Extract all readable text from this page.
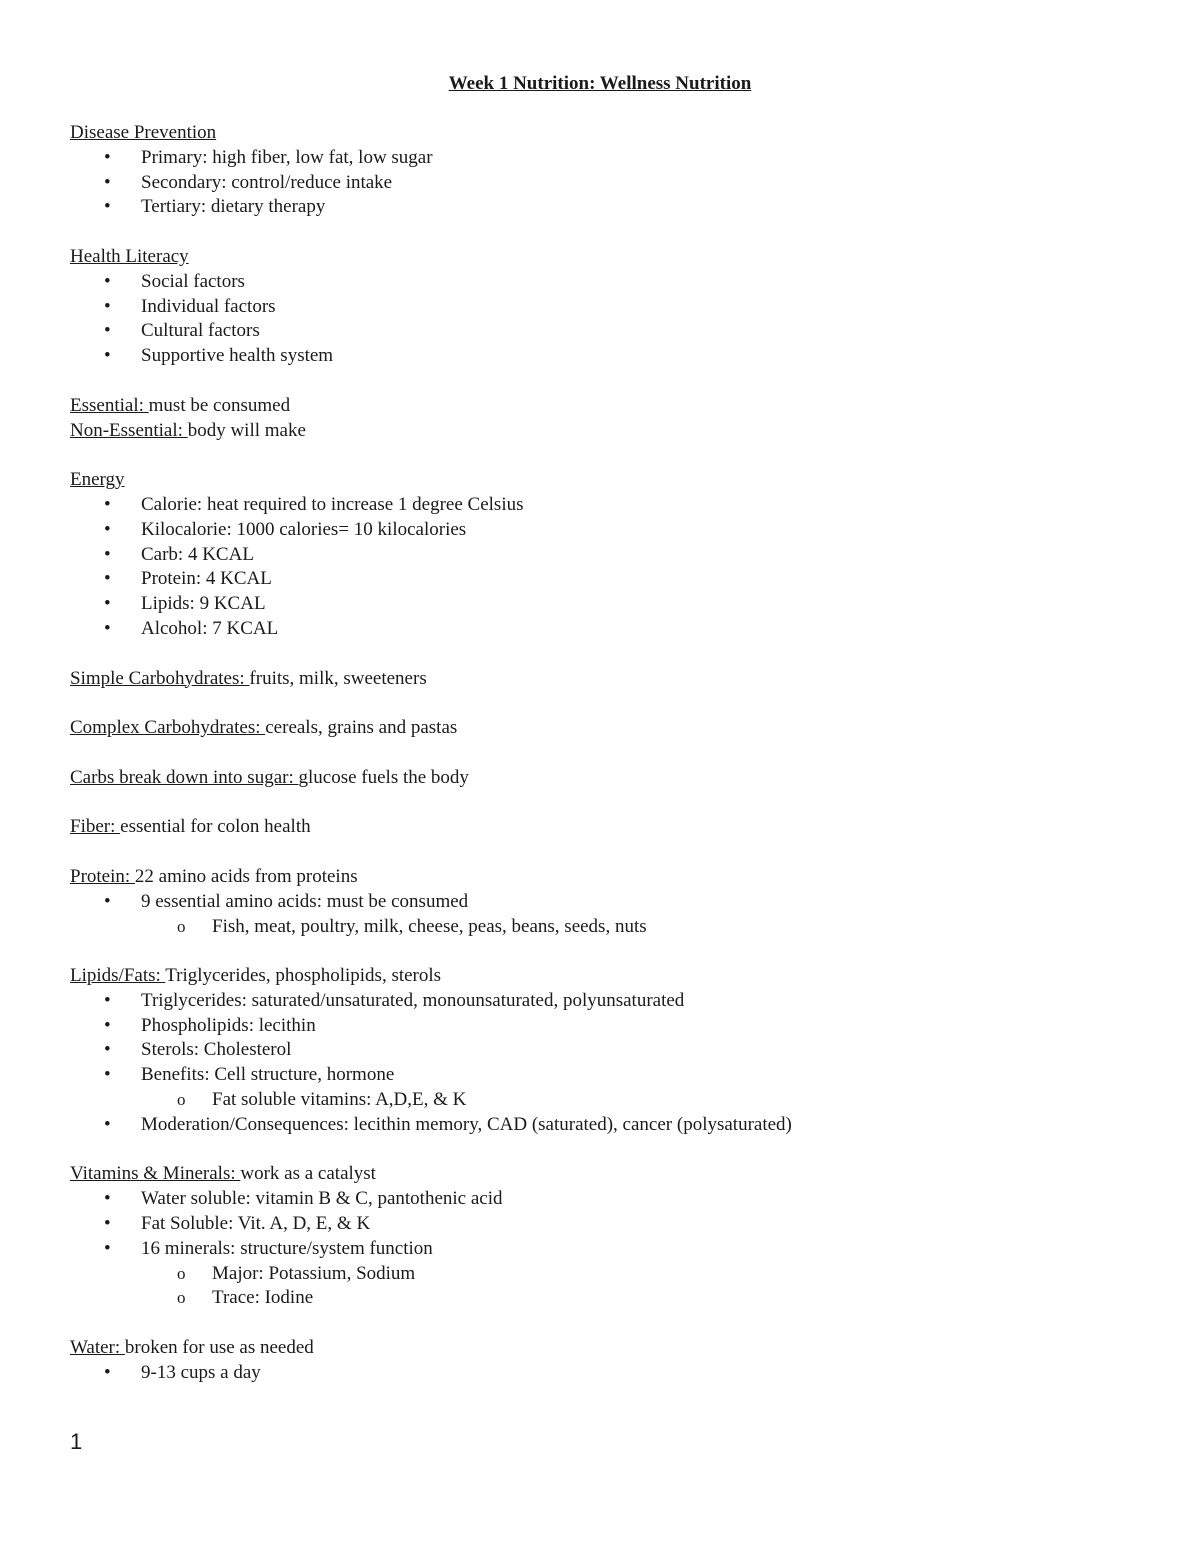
Week 1 Nutrition: Wellness Nutrition
Disease Prevention
• Primary: high fiber, low fat, low sugar
• Secondary: control/reduce intake
• Tertiary: dietary therapy
Health Literacy
• Social factors
• Individual factors
• Cultural factors
• Supportive health system
Essential: must be consumed
Non-Essential: body will make
Energy
• Calorie: heat required to increase 1 degree Celsius
• Kilocalorie: 1000 calories= 10 kilocalories
• Carb: 4 KCAL
• Protein: 4 KCAL
• Lipids: 9 KCAL
• Alcohol: 7 KCAL
Simple Carbohydrates: fruits, milk, sweeteners
Complex Carbohydrates: cereals, grains and pastas
Carbs break down into sugar: glucose fuels the body
Fiber: essential for colon health
Protein: 22 amino acids from proteins
• 9 essential amino acids: must be consumed
o Fish, meat, poultry, milk, cheese, peas, beans, seeds, nuts
Lipids/Fats: Triglycerides, phospholipids, sterols
• Triglycerides: saturated/unsaturated, monounsaturated, polyunsaturated
• Phospholipids: lecithin
• Sterols: Cholesterol
• Benefits: Cell structure, hormone
o Fat soluble vitamins: A,D,E, & K
• Moderation/Consequences: lecithin memory, CAD (saturated), cancer (polysaturated)
Vitamins & Minerals: work as a catalyst
• Water soluble: vitamin B & C, pantothenic acid
• Fat Soluble: Vit. A, D, E, & K
• 16 minerals: structure/system function
o Major: Potassium, Sodium
o Trace: Iodine
Water: broken for use as needed
• 9-13 cups a day
1
